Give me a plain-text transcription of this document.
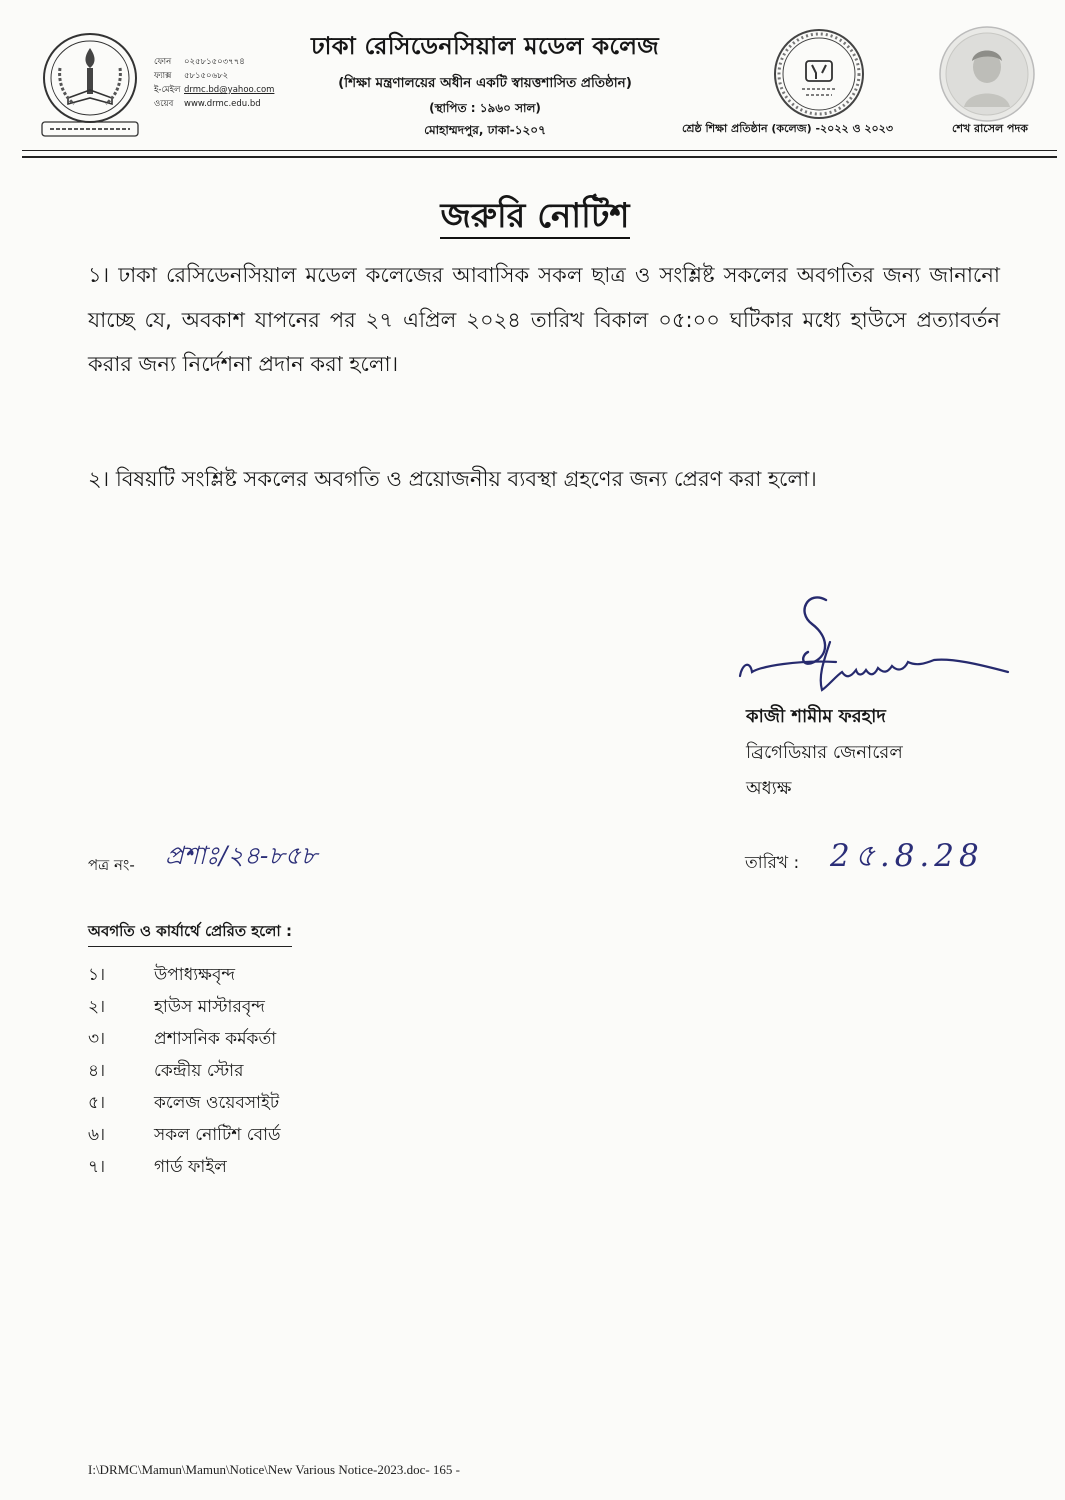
ফোন ০২৫৮১৫০৩৭৭৪
ফ্যাক্স ৫৮১৫০৬৮২
ই-মেইল drmc.bd@yahoo.com
ওয়েব www.drmc.edu.bd
ঢাকা রেসিডেনসিয়াল মডেল কলেজ
(শিক্ষা মন্ত্রণালয়ের অধীন একটি স্বায়ত্তশাসিত প্রতিষ্ঠান)
(স্থাপিত : ১৯৬০ সাল)
মোহাম্মদপুর, ঢাকা-১২০৭	শ্রেষ্ঠ শিক্ষা প্রতিষ্ঠান (কলেজ) -২০২২ ও ২০২৩	শেখ রাসেল পদক
জরুরি নোটিশ
১। ঢাকা রেসিডেনসিয়াল মডেল কলেজের আবাসিক সকল ছাত্র ও সংশ্লিষ্ট সকলের অবগতির জন্য জানানো যাচ্ছে যে, অবকাশ যাপনের পর ২৭ এপ্রিল ২০২৪ তারিখ বিকাল ০৫:০০ ঘটিকার মধ্যে হাউসে প্রত্যাবর্তন করার জন্য নির্দেশনা প্রদান করা হলো।
২। বিষয়টি সংশ্লিষ্ট সকলের অবগতি ও প্রয়োজনীয় ব্যবস্থা গ্রহণের জন্য প্রেরণ করা হলো।
কাজী শামীম ফরহাদ
ব্রিগেডিয়ার জেনারেল
অধ্যক্ষ
পত্র নং- প্রশাঃ/২৪-৮৫৮	তারিখ : 2৫.8.28
অবগতি ও কার্যার্থে প্রেরিত হলো :
১।	উপাধ্যক্ষবৃন্দ
২।	হাউস মাস্টারবৃন্দ
৩।	প্রশাসনিক কর্মকর্তা
৪।	কেন্দ্রীয় স্টোর
৫।	কলেজ ওয়েবসাইট
৬।	সকল নোটিশ বোর্ড
৭।	গার্ড ফাইল
I:\DRMC\Mamun\Mamun\Notice\New Various Notice-2023.doc- 165 -
